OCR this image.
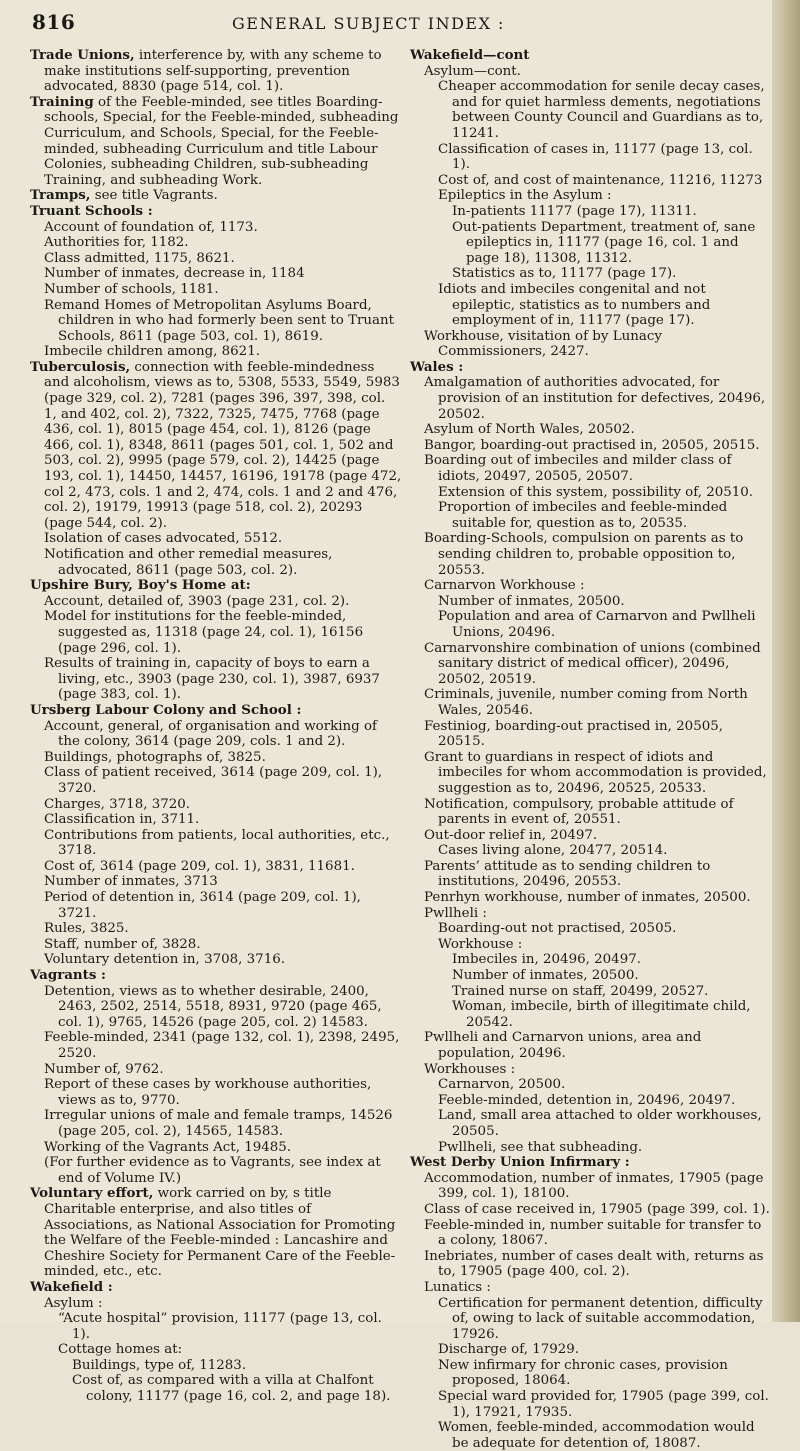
816	GENERAL SUBJECT INDEX :

Trade Unions, interference by, with any scheme to make institutions self-supporting, prevention advocated, 8830 (page 514, col. 1).

Training of the Feeble-minded, see titles Boarding-schools, Special, for the Feeble-minded, subheading Curriculum, and Schools, Special, for the Feeble-minded, subheading Curriculum and title Labour Colonies, subheading Children, sub-subheading Training, and subheading Work.

Tramps, see title Vagrants.

Truant Schools :

Account of foundation of, 1173.

Authorities for, 1182.

Class admitted, 1175, 8621.

Number of inmates, decrease in, 1184

Number of schools, 1181.

Remand Homes of Metropolitan Asylums Board, children in who had formerly been sent to Truant Schools, 8611 (page 503, col. 1), 8619.

Imbecile children among, 8621.

Tuberculosis, connection with feeble-mindedness and alcoholism, views as to, 5308, 5533, 5549, 5983 (page 329, col. 2), 7281 (pages 396, 397, 398, col. 1, and 402, col. 2), 7322, 7325, 7475, 7768 (page 436, col. 1), 8015 (page 454, col. 1), 8126 (page 466, col. 1), 8348, 8611 (pages 501, col. 1, 502 and 503, col. 2), 9995 (page 579, col. 2), 14425 (page 193, col. 1), 14450, 14457, 16196, 19178 (page 472, col 2, 473, cols. 1 and 2, 474, cols. 1 and 2 and 476, col. 2), 19179, 19913 (page 518, col. 2), 20293 (page 544, col. 2).

Isolation of cases advocated, 5512.

Notification and other remedial measures, advocated, 8611 (page 503, col. 2).

Upshire Bury, Boy's Home at:

Account, detailed of, 3903 (page 231, col. 2).

Model for institutions for the feeble-minded, suggested as, 11318 (page 24, col. 1), 16156 (page 296, col. 1).

Results of training in, capacity of boys to earn a living, etc., 3903 (page 230, col. 1), 3987, 6937 (page 383, col. 1).

Ursberg Labour Colony and School :

Account, general, of organisation and working of the colony, 3614 (page 209, cols. 1 and 2).

Buildings, photographs of, 3825.

Class of patient received, 3614 (page 209, col. 1), 3720.

Charges, 3718, 3720.

Classification in, 3711.

Contributions from patients, local authorities, etc., 3718.

Cost of, 3614 (page 209, col. 1), 3831, 11681.

Number of inmates, 3713

Period of detention in, 3614 (page 209, col. 1), 3721.

Rules, 3825.

Staff, number of, 3828.

Voluntary detention in, 3708, 3716.

Vagrants :

Detention, views as to whether desirable, 2400, 2463, 2502, 2514, 5518, 8931, 9720 (page 465, col. 1), 9765, 14526 (page 205, col. 2) 14583.

Feeble-minded, 2341 (page 132, col. 1), 2398, 2495, 2520.

Number of, 9762.

Report of these cases by workhouse authorities, views as to, 9770.

Irregular unions of male and female tramps, 14526 (page 205, col. 2), 14565, 14583.

Working of the Vagrants Act, 19485.

(For further evidence as to Vagrants, see index at end of Volume IV.)

Voluntary effort, work carried on by, s title Charitable enterprise, and also titles of Associations, as National Association for Promoting the Welfare of the Feeble-minded : Lancashire and Cheshire Society for Permanent Care of the Feeble-minded, etc., etc.

Wakefield :

Asylum :

“Acute hospital” provision, 11177 (page 13, col. 1).

Cottage homes at:

Buildings, type of, 11283.

Cost of, as compared with a villa at Chalfont colony, 11177 (page 16, col. 2, and page 18).

Wakefield—cont

Asylum—cont.

Cheaper accommodation for senile decay cases, and for quiet harmless dements, negotiations between County Council and Guardians as to, 11241.

Classification of cases in, 11177 (page 13, col. 1).

Cost of, and cost of maintenance, 11216, 11273

Epileptics in the Asylum :

In-patients 11177 (page 17), 11311.

Out-patients Department, treatment of, sane epileptics in, 11177 (page 16, col. 1 and page 18), 11308, 11312.

Statistics as to, 11177 (page 17).

Idiots and imbeciles congenital and not epileptic, statistics as to numbers and employment of in, 11177 (page 17).

Workhouse, visitation of by Lunacy Commissioners, 2427.

Wales :

Amalgamation of authorities advocated, for provision of an institution for defectives, 20496, 20502.

Asylum of North Wales, 20502.

Bangor, boarding-out practised in, 20505, 20515.

Boarding out of imbeciles and milder class of idiots, 20497, 20505, 20507.

Extension of this system, possibility of, 20510.

Proportion of imbeciles and feeble-minded suitable for, question as to, 20535.

Boarding-Schools, compulsion on parents as to sending children to, probable opposition to, 20553.

Carnarvon Workhouse :

Number of inmates, 20500.

Population and area of Carnarvon and Pwllheli Unions, 20496.

Carnarvonshire combination of unions (combined sanitary district of medical officer), 20496, 20502, 20519.

Criminals, juvenile, number coming from North Wales, 20546.

Festiniog, boarding-out practised in, 20505, 20515.

Grant to guardians in respect of idiots and imbeciles for whom accommodation is provided, suggestion as to, 20496, 20525, 20533.

Notification, compulsory, probable attitude of parents in event of, 20551.

Out-door relief in, 20497.

Cases living alone, 20477, 20514.

Parents’ attitude as to sending children to institutions, 20496, 20553.

Penrhyn workhouse, number of inmates, 20500.

Pwllheli :

Boarding-out not practised, 20505.

Workhouse :

Imbeciles in, 20496, 20497.

Number of inmates, 20500.

Trained nurse on staff, 20499, 20527.

Woman, imbecile, birth of illegitimate child, 20542.

Pwllheli and Carnarvon unions, area and population, 20496.

Workhouses :

Carnarvon, 20500.

Feeble-minded, detention in, 20496, 20497.

Land, small area attached to older workhouses, 20505.

Pwllheli, see that subheading.

West Derby Union Infirmary :

Accommodation, number of inmates, 17905 (page 399, col. 1), 18100.

Class of case received in, 17905 (page 399, col. 1).

Feeble-minded in, number suitable for transfer to a colony, 18067.

Inebriates, number of cases dealt with, returns as to, 17905 (page 400, col. 2).

Lunatics :

Certification for permanent detention, difficulty of, owing to lack of suitable accommodation, 17926.

Discharge of, 17929.

New infirmary for chronic cases, provision proposed, 18064.

Special ward provided for, 17905 (page 399, col. 1), 17921, 17935.

Women, feeble-minded, accommodation would be adequate for detention of, 18087.
